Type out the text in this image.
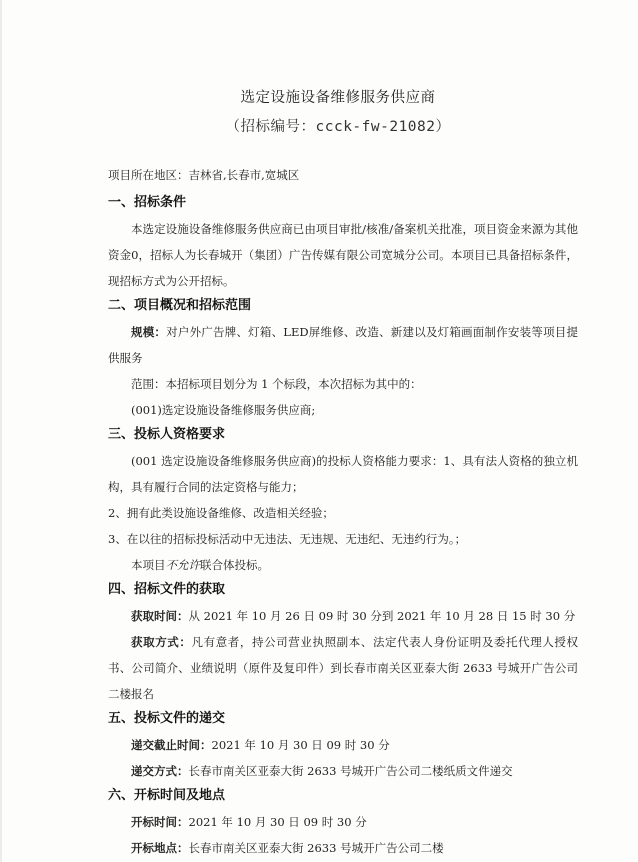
选定设施设备维修服务供应商
（招标编号：ccck-fw-21082）

项目所在地区：吉林省,长春市,宽城区

一、招标条件

本选定设施设备维修服务供应商已由项目审批/核准/备案机关批准，项目资金来源为其他资金0，招标人为长春城开（集团）广告传媒有限公司宽城分公司。本项目已具备招标条件，现招标方式为公开招标。

二、项目概况和招标范围

规模：对户外广告牌、灯箱、LED屏维修、改造、新建以及灯箱画面制作安装等项目提供服务

范围：本招标项目划分为 1 个标段，本次招标为其中的：

(001)选定设施设备维修服务供应商;

三、投标人资格要求

(001 选定设施设备维修服务供应商)的投标人资格能力要求：1、具有法人资格的独立机构，具有履行合同的法定资格与能力；

2、拥有此类设施设备维修、改造相关经验；

3、在以往的招标投标活动中无违法、无违规、无违纪、无违约行为。；

本项目不允许联合体投标。

四、招标文件的获取

获取时间：从 2021 年 10 月 26 日 09 时 30 分到 2021 年 10 月 28 日 15 时 30 分

获取方式：凡有意者，持公司营业执照副本、法定代表人身份证明及委托代理人授权书、公司简介、业绩说明（原件及复印件）到长春市南关区亚泰大街 2633 号城开广告公司二楼报名

五、投标文件的递交

递交截止时间：2021 年 10 月 30 日 09 时 30 分

递交方式：长春市南关区亚泰大街 2633 号城开广告公司二楼纸质文件递交

六、开标时间及地点

开标时间：2021 年 10 月 30 日 09 时 30 分

开标地点：长春市南关区亚泰大街 2633 号城开广告公司二楼
